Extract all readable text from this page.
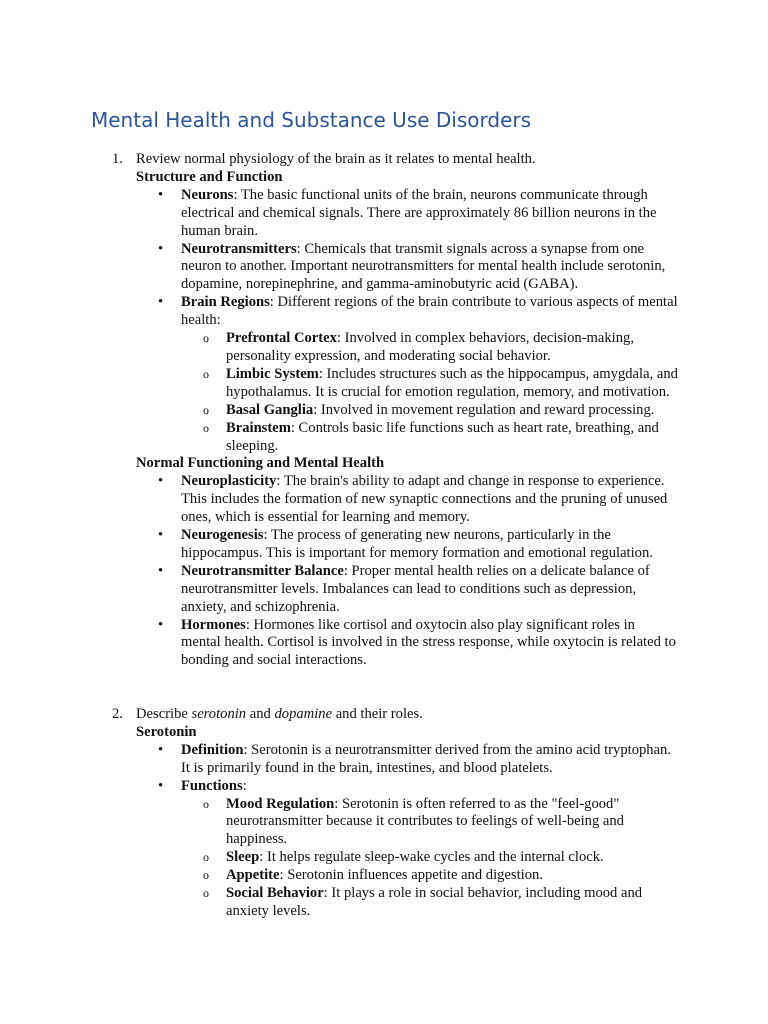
Mental Health and Substance Use Disorders
1. Review normal physiology of the brain as it relates to mental health.
Structure and Function
• Neurons: The basic functional units of the brain, neurons communicate through electrical and chemical signals. There are approximately 86 billion neurons in the human brain.
• Neurotransmitters: Chemicals that transmit signals across a synapse from one neuron to another. Important neurotransmitters for mental health include serotonin, dopamine, norepinephrine, and gamma-aminobutyric acid (GABA).
• Brain Regions: Different regions of the brain contribute to various aspects of mental health:
o Prefrontal Cortex: Involved in complex behaviors, decision-making, personality expression, and moderating social behavior.
o Limbic System: Includes structures such as the hippocampus, amygdala, and hypothalamus. It is crucial for emotion regulation, memory, and motivation.
o Basal Ganglia: Involved in movement regulation and reward processing.
o Brainstem: Controls basic life functions such as heart rate, breathing, and sleeping.
Normal Functioning and Mental Health
• Neuroplasticity: The brain's ability to adapt and change in response to experience. This includes the formation of new synaptic connections and the pruning of unused ones, which is essential for learning and memory.
• Neurogenesis: The process of generating new neurons, particularly in the hippocampus. This is important for memory formation and emotional regulation.
• Neurotransmitter Balance: Proper mental health relies on a delicate balance of neurotransmitter levels. Imbalances can lead to conditions such as depression, anxiety, and schizophrenia.
• Hormones: Hormones like cortisol and oxytocin also play significant roles in mental health. Cortisol is involved in the stress response, while oxytocin is related to bonding and social interactions.
2. Describe serotonin and dopamine and their roles.
Serotonin
• Definition: Serotonin is a neurotransmitter derived from the amino acid tryptophan. It is primarily found in the brain, intestines, and blood platelets.
• Functions:
o Mood Regulation: Serotonin is often referred to as the "feel-good" neurotransmitter because it contributes to feelings of well-being and happiness.
o Sleep: It helps regulate sleep-wake cycles and the internal clock.
o Appetite: Serotonin influences appetite and digestion.
o Social Behavior: It plays a role in social behavior, including mood and anxiety levels.
